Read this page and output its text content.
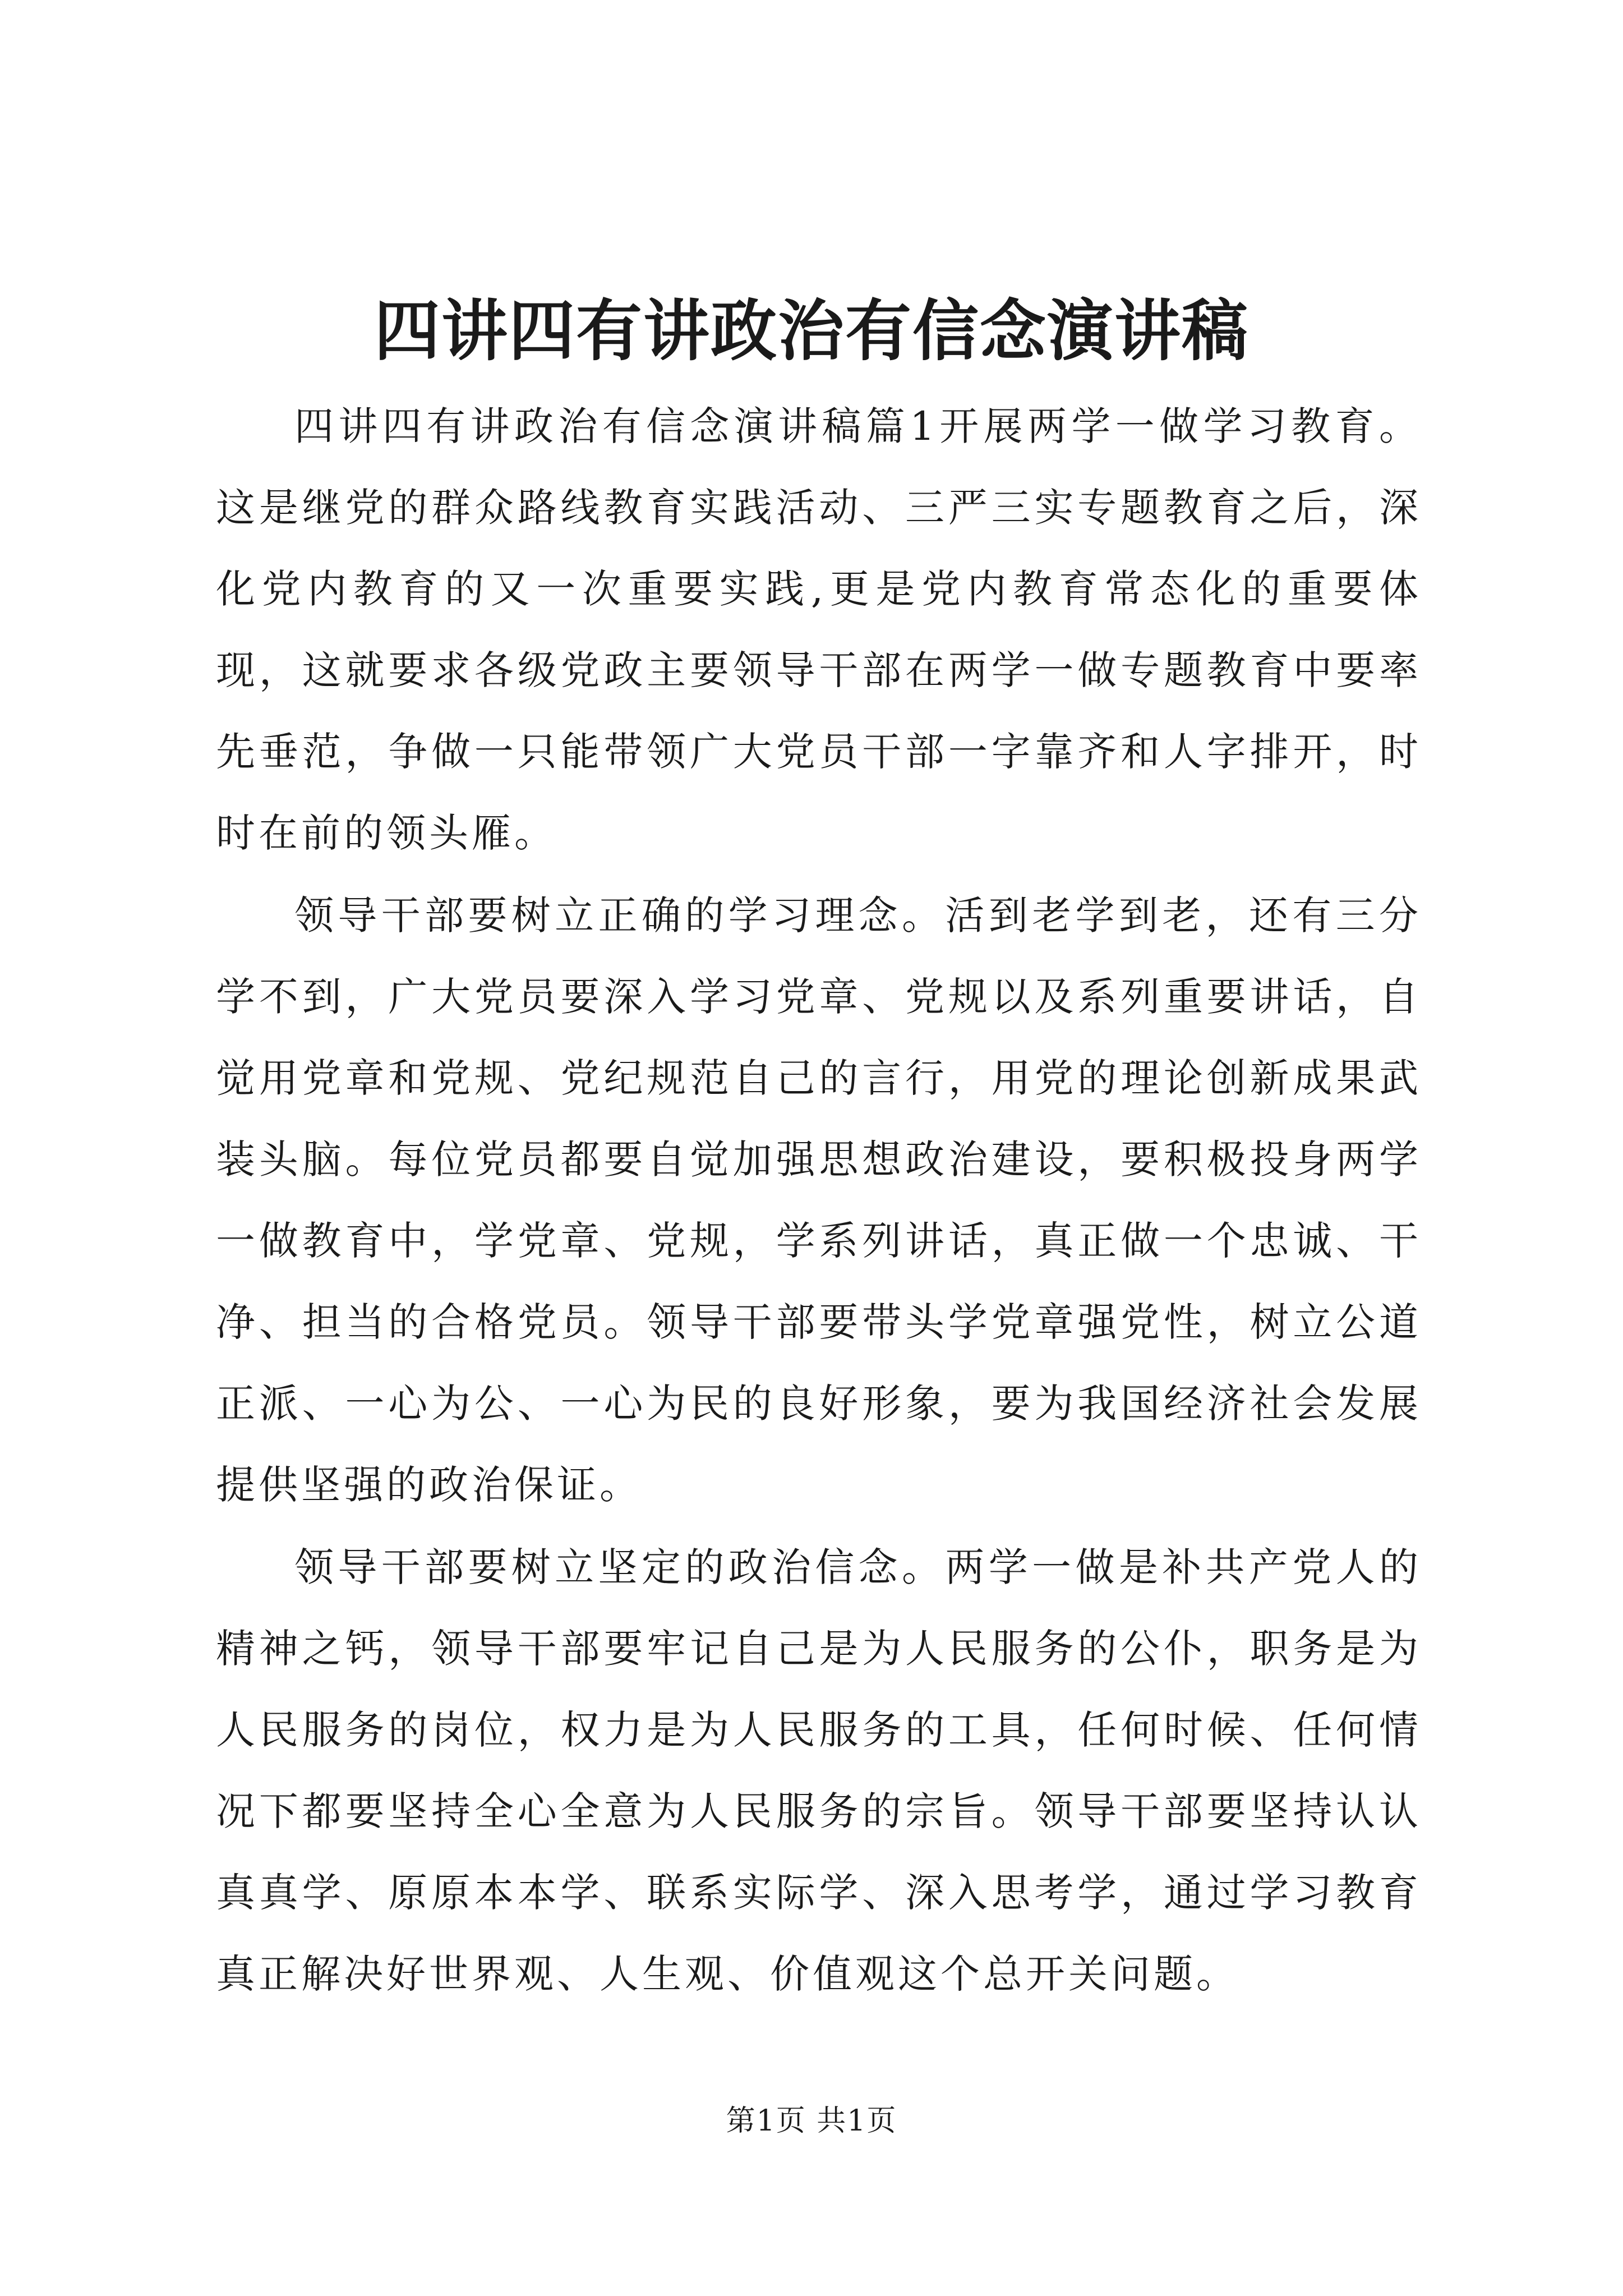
四讲四有讲政治有信念演讲稿

四讲四有讲政治有信念演讲稿篇1开展两学一做学习教育。这是继党的群众路线教育实践活动、三严三实专题教育之后，深化党内教育的又一次重要实践,更是党内教育常态化的重要体现，这就要求各级党政主要领导干部在两学一做专题教育中要率先垂范，争做一只能带领广大党员干部一字靠齐和人字排开，时时在前的领头雁。

领导干部要树立正确的学习理念。活到老学到老，还有三分学不到，广大党员要深入学习党章、党规以及系列重要讲话，自觉用党章和党规、党纪规范自己的言行，用党的理论创新成果武装头脑。每位党员都要自觉加强思想政治建设，要积极投身两学一做教育中，学党章、党规，学系列讲话，真正做一个忠诚、干净、担当的合格党员。领导干部要带头学党章强党性，树立公道正派、一心为公、一心为民的良好形象，要为我国经济社会发展提供坚强的政治保证。

领导干部要树立坚定的政治信念。两学一做是补共产党人的精神之钙，领导干部要牢记自己是为人民服务的公仆，职务是为人民服务的岗位，权力是为人民服务的工具，任何时候、任何情况下都要坚持全心全意为人民服务的宗旨。领导干部要坚持认认真真学、原原本本学、联系实际学、深入思考学，通过学习教育真正解决好世界观、人生观、价值观这个总开关问题。

第1页 共1页
